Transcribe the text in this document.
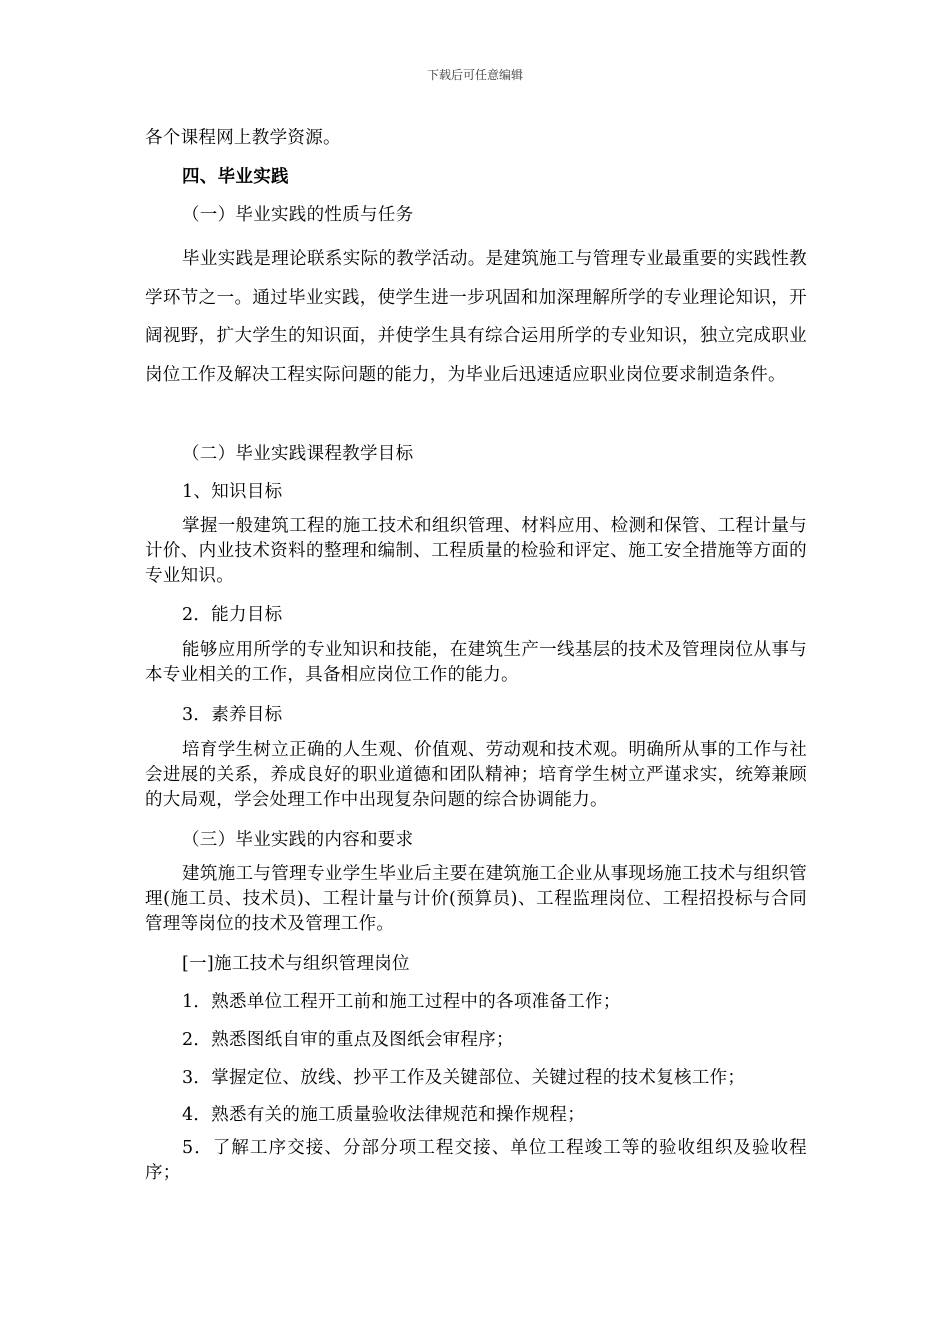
下载后可任意编辑

各个课程网上教学资源。

四、毕业实践

（一）毕业实践的性质与任务

毕业实践是理论联系实际的教学活动。是建筑施工与管理专业最重要的实践性教学环节之一。通过毕业实践，使学生进一步巩固和加深理解所学的专业理论知识，开阔视野，扩大学生的知识面，并使学生具有综合运用所学的专业知识，独立完成职业岗位工作及解决工程实际问题的能力，为毕业后迅速适应职业岗位要求制造条件。

（二）毕业实践课程教学目标

1、知识目标

掌握一般建筑工程的施工技术和组织管理、材料应用、检测和保管、工程计量与计价、内业技术资料的整理和编制、工程质量的检验和评定、施工安全措施等方面的专业知识。

2．能力目标

能够应用所学的专业知识和技能，在建筑生产一线基层的技术及管理岗位从事与本专业相关的工作，具备相应岗位工作的能力。

3．素养目标

培育学生树立正确的人生观、价值观、劳动观和技术观。明确所从事的工作与社会进展的关系，养成良好的职业道德和团队精神；培育学生树立严谨求实，统筹兼顾的大局观，学会处理工作中出现复杂问题的综合协调能力。

（三）毕业实践的内容和要求

建筑施工与管理专业学生毕业后主要在建筑施工企业从事现场施工技术与组织管理(施工员、技术员)、工程计量与计价(预算员)、工程监理岗位、工程招投标与合同管理等岗位的技术及管理工作。

[一]施工技术与组织管理岗位

1．熟悉单位工程开工前和施工过程中的各项准备工作；

2．熟悉图纸自审的重点及图纸会审程序；

3．掌握定位、放线、抄平工作及关键部位、关键过程的技术复核工作；

4．熟悉有关的施工质量验收法律规范和操作规程；

5．了解工序交接、分部分项工程交接、单位工程竣工等的验收组织及验收程序；
